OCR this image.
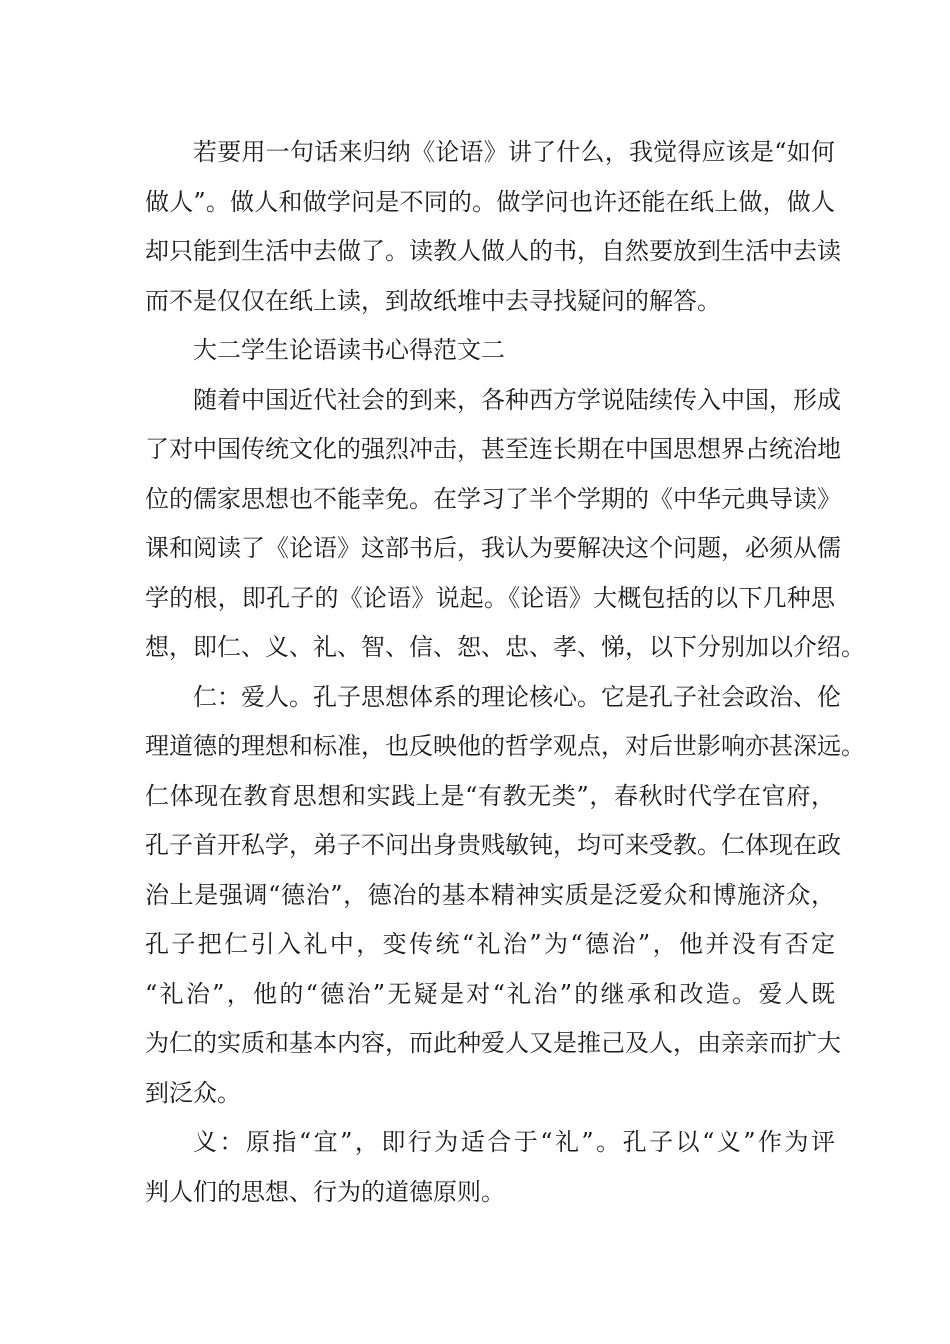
若要用一句话来归纳《论语》讲了什么，我觉得应该是“如何
做人”。做人和做学问是不同的。做学问也许还能在纸上做，做人
却只能到生活中去做了。读教人做人的书，自然要放到生活中去读
而不是仅仅在纸上读，到故纸堆中去寻找疑问的解答。
大二学生论语读书心得范文二
随着中国近代社会的到来，各种西方学说陆续传入中国，形成
了对中国传统文化的强烈冲击，甚至连长期在中国思想界占统治地
位的儒家思想也不能幸免。在学习了半个学期的《中华元典导读》
课和阅读了《论语》这部书后，我认为要解决这个问题，必须从儒
学的根，即孔子的《论语》说起。《论语》大概包括的以下几种思
想，即仁、义、礼、智、信、恕、忠、孝、悌，以下分别加以介绍。
仁：爱人。孔子思想体系的理论核心。它是孔子社会政治、伦
理道德的理想和标准，也反映他的哲学观点，对后世影响亦甚深远。
仁体现在教育思想和实践上是“有教无类”，春秋时代学在官府，
孔子首开私学，弟子不问出身贵贱敏钝，均可来受教。仁体现在政
治上是强调“德治”，德冶的基本精神实质是泛爱众和博施济众，
孔子把仁引入礼中，变传统“礼治”为“德治”，他并没有否定
“礼治”，他的“德治”无疑是对“礼治”的继承和改造。爱人既
为仁的实质和基本内容，而此种爱人又是推己及人，由亲亲而扩大
到泛众。
义：原指“宜”，即行为适合于“礼”。孔子以“义”作为评
判人们的思想、行为的道德原则。
